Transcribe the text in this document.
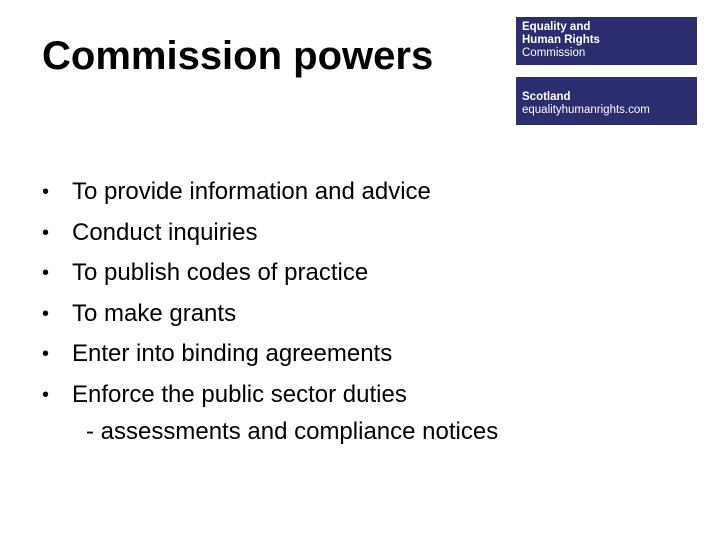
Commission powers
Equality and
Human Rights
Commission
Scotland
equalityhumanrights.com
• To provide information and advice
• Conduct inquiries
• To publish codes of practice
• To make grants
• Enter into binding agreements
• Enforce the public sector duties
- assessments and compliance notices
